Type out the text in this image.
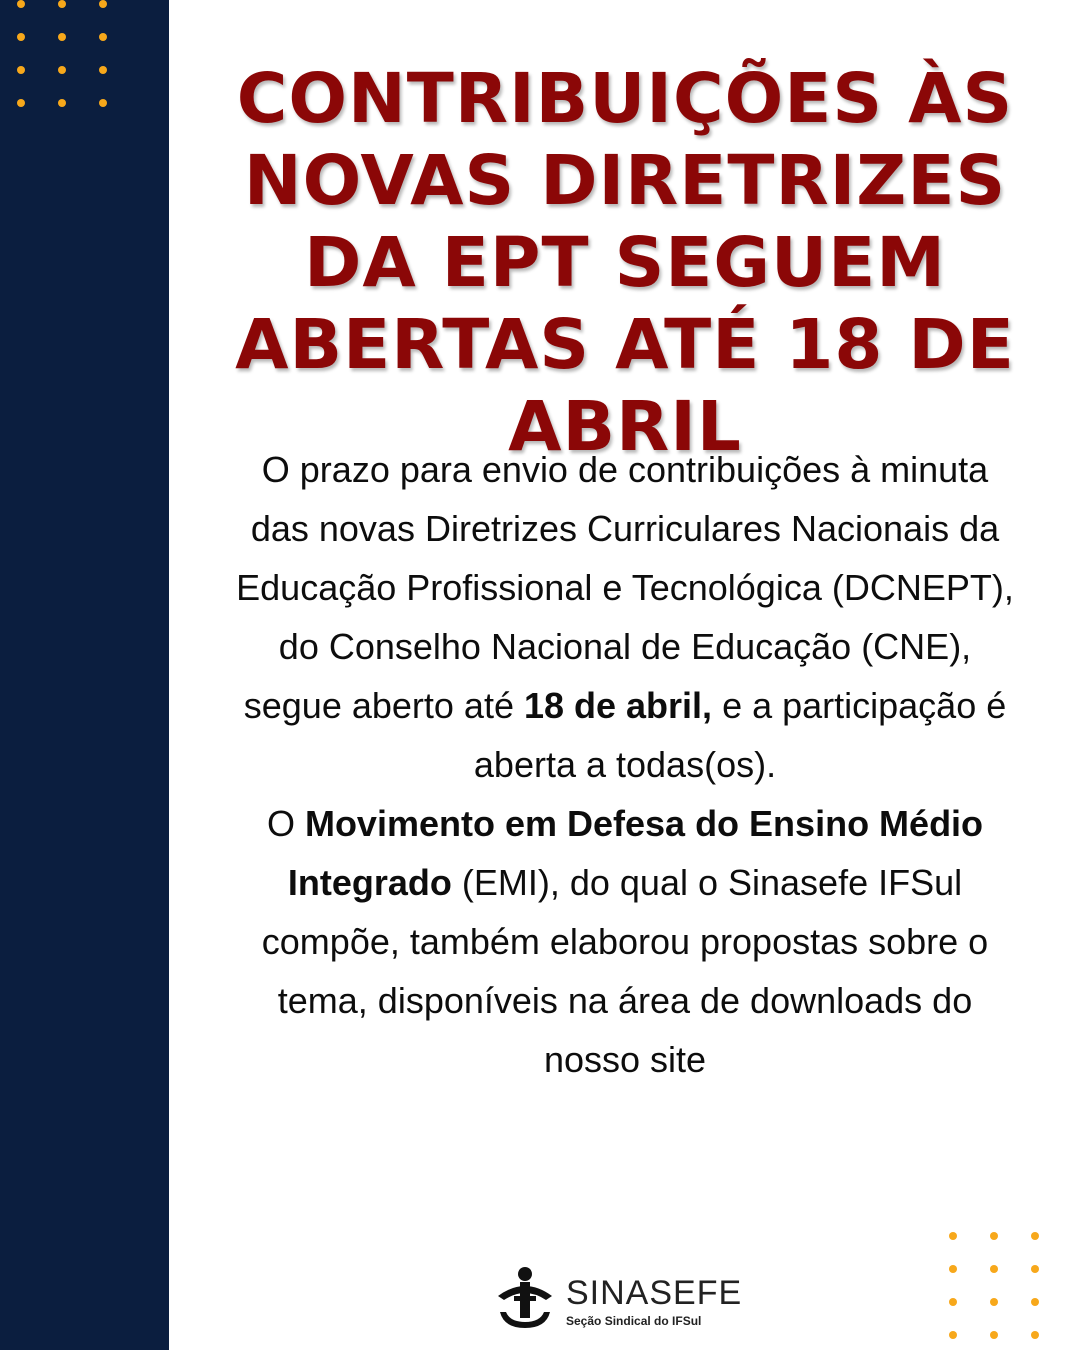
CONTRIBUIÇÕES ÀS NOVAS DIRETRIZES DA EPT SEGUEM ABERTAS ATÉ 18 DE ABRIL

O prazo para envio de contribuições à minuta das novas Diretrizes Curriculares Nacionais da Educação Profissional e Tecnológica (DCNEPT), do Conselho Nacional de Educação (CNE), segue aberto até 18 de abril, e a participação é aberta a todas(os).

O Movimento em Defesa do Ensino Médio Integrado (EMI), do qual o Sinasefe IFSul compõe, também elaborou propostas sobre o tema, disponíveis na área de downloads do nosso site

SINASEFE
Seção Sindical do IFSul
